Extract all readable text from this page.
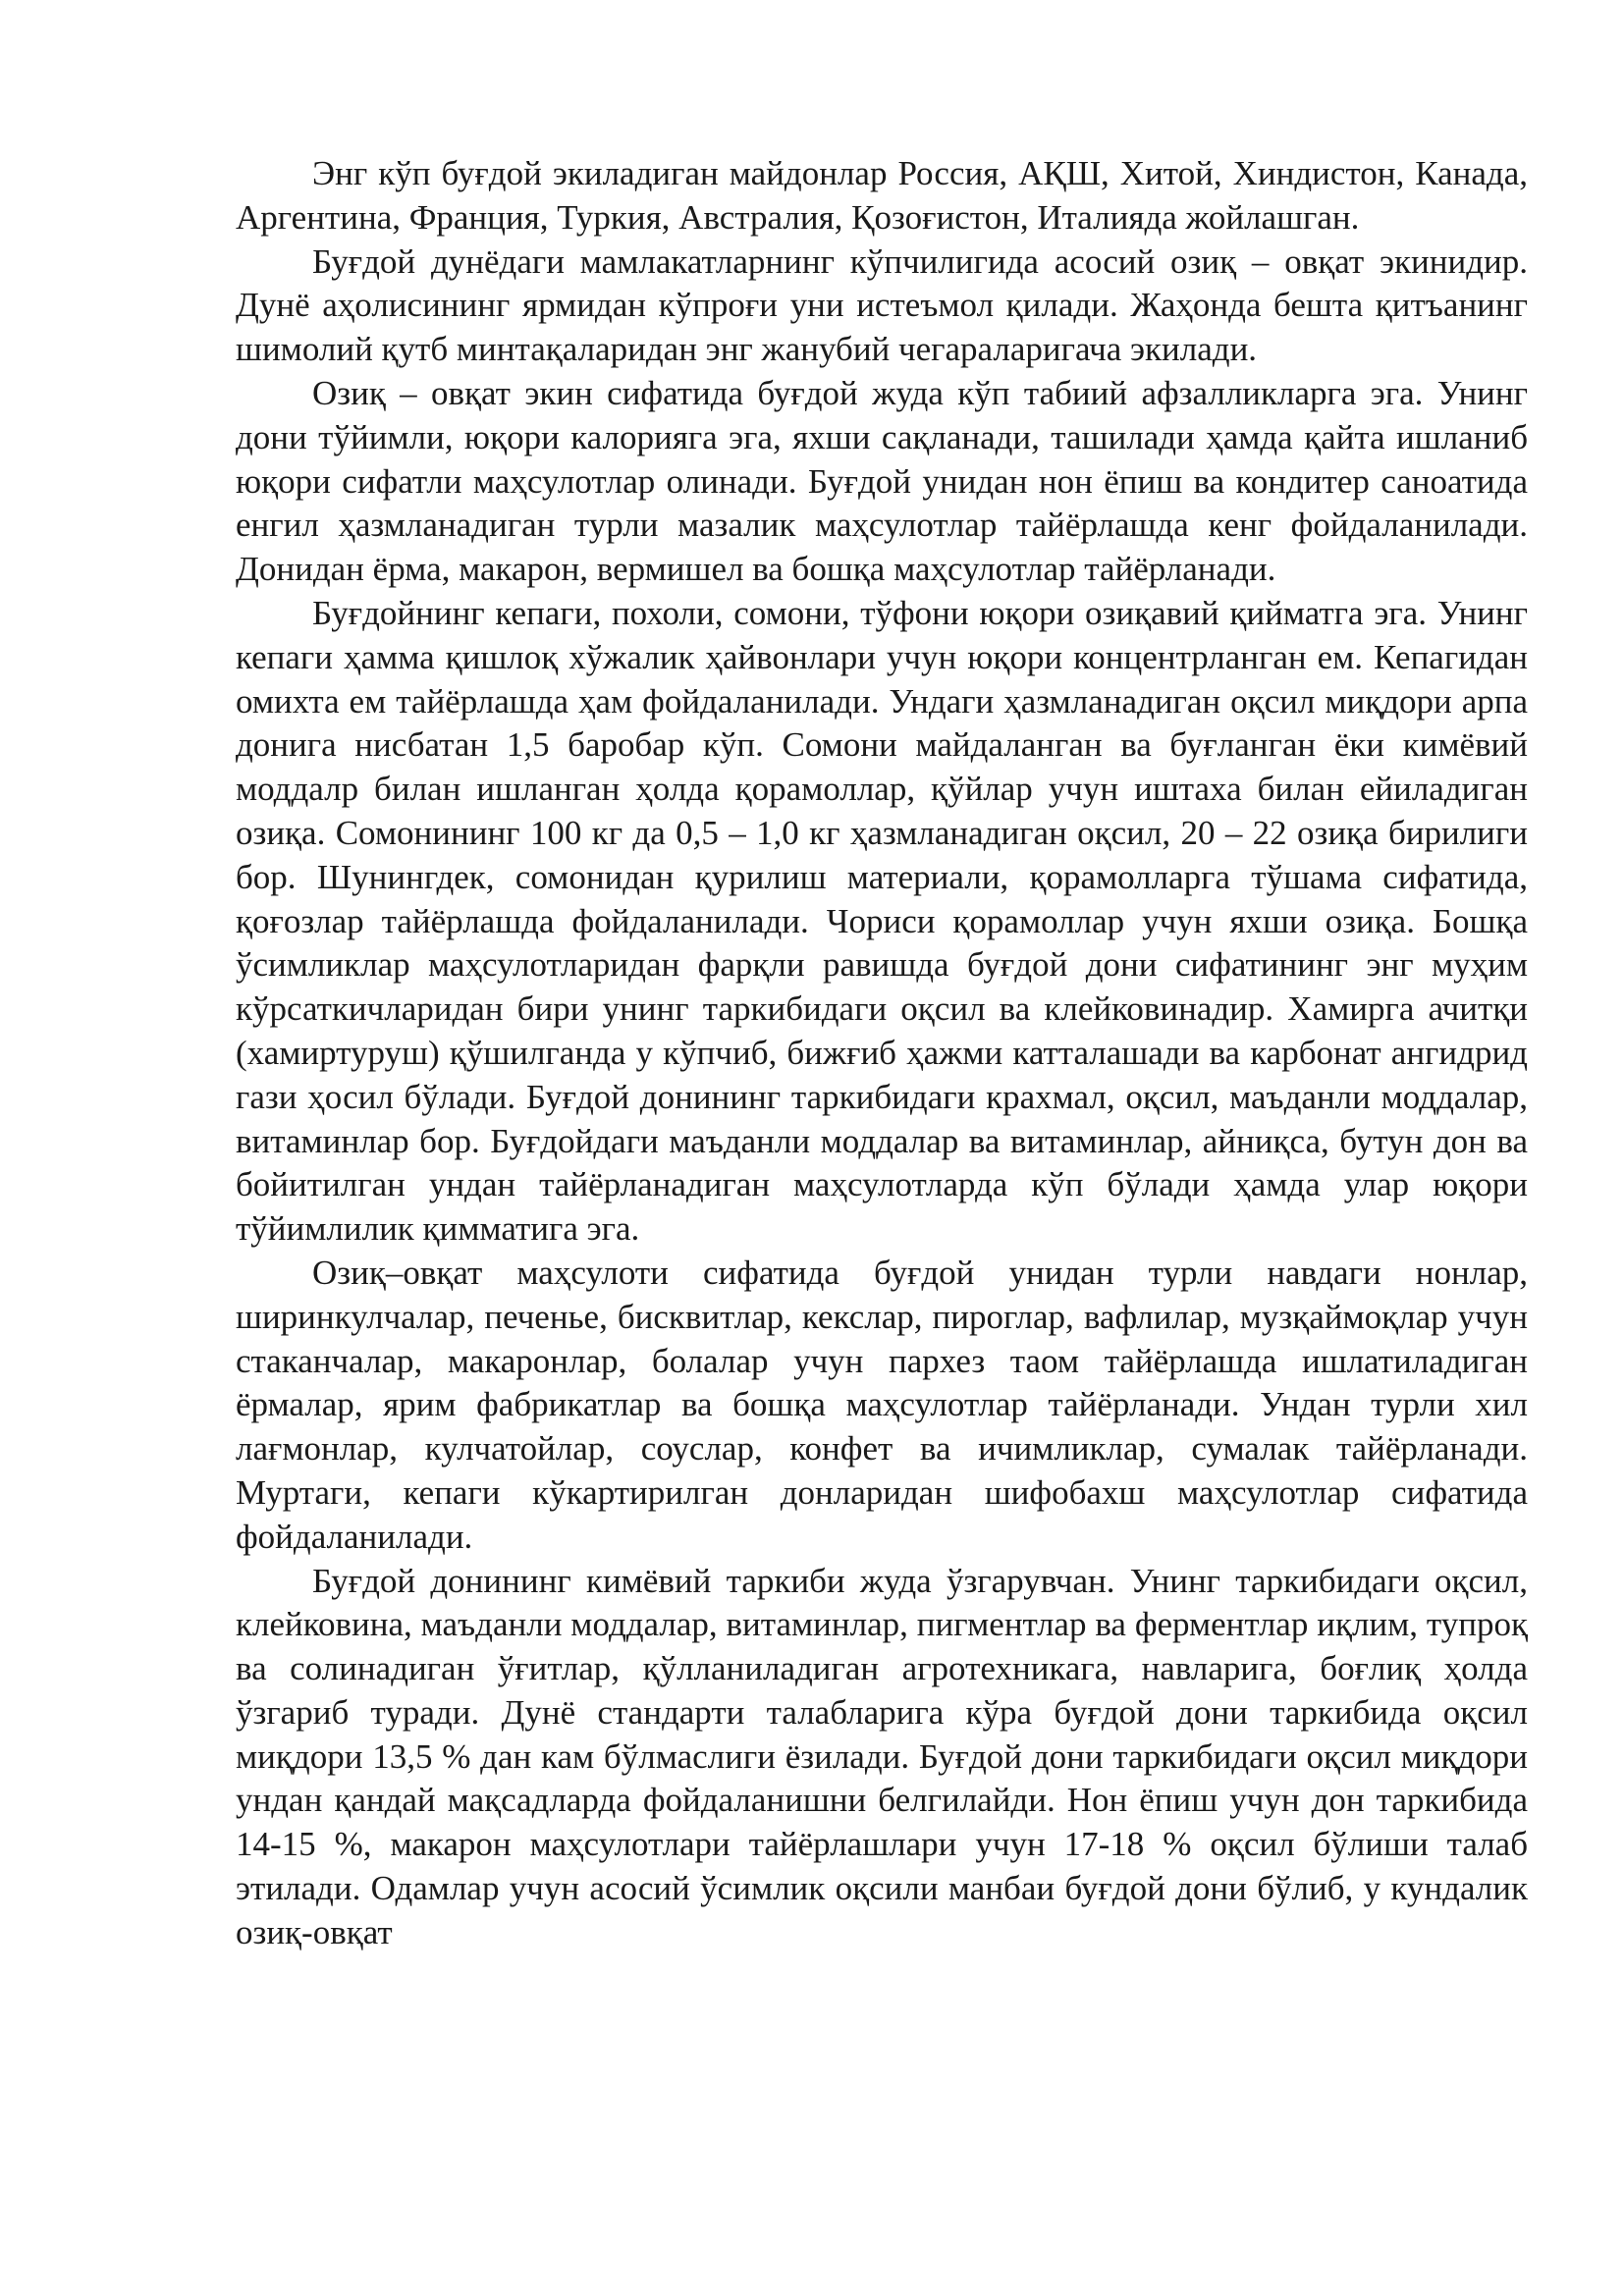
Энг кўп буғдой экиладиган майдонлар Россия, АҚШ, Хитой, Хиндистон, Канада, Аргентина, Франция, Туркия, Австралия, Қозоғистон, Италияда жойлашган.

Буғдой дунёдаги мамлакатларнинг кўпчилигида асосий озиқ – овқат экинидир. Дунё аҳолисининг ярмидан кўпроғи уни истеъмол қилади. Жаҳонда бешта қитъанинг шимолий қутб минтақаларидан энг жанубий чегараларигача экилади.

Озиқ – овқат экин сифатида буғдой жуда кўп табиий афзалликларга эга. Унинг дони тўйимли, юқори калорияга эга, яхши сақланади, ташилади ҳамда қайта ишланиб юқори сифатли маҳсулотлар олинади. Буғдой унидан нон ёпиш ва кондитер саноатида енгил ҳазмланадиган турли мазалик маҳсулотлар тайёрлашда кенг фойдаланилади. Донидан ёрма, макарон, вермишел ва бошқа маҳсулотлар тайёрланади.

Буғдойнинг кепаги, похоли, сомони, тўфони юқори озиқавий қийматга эга. Унинг кепаги ҳамма қишлоқ хўжалик ҳайвонлари учун юқори концентрланган ем. Кепагидан омихта ем тайёрлашда ҳам фойдаланилади. Ундаги ҳазмланадиган оқсил миқдори арпа донига нисбатан 1,5 баробар кўп. Сомони майдаланган ва буғланган ёки кимёвий моддалр билан ишланган ҳолда қорамоллар, қўйлар учун иштаха билан ейиладиган озиқа. Сомонининг 100 кг да 0,5 – 1,0 кг ҳазмланадиган оқсил, 20 – 22 озиқа бирилиги бор. Шунингдек, сомонидан қурилиш материали, қорамолларга тўшама сифатида, қоғозлар тайёрлашда фойдаланилади. Чориси қорамоллар учун яхши озиқа. Бошқа ўсимликлар маҳсулотларидан фарқли равишда буғдой дони сифатининг энг муҳим кўрсаткичларидан бири унинг таркибидаги оқсил ва клейковинадир. Хамирга ачитқи (хамиртуруш) қўшилганда у кўпчиб, бижғиб ҳажми катталашади ва карбонат ангидрид гази ҳосил бўлади. Буғдой донининг таркибидаги крахмал, оқсил, маъданли моддалар, витаминлар бор. Буғдойдаги маъданли моддалар ва витаминлар, айниқса, бутун дон ва бойитилган ундан тайёрланадиган маҳсулотларда кўп бўлади ҳамда улар юқори тўйимлилик қимматига эга.

Озиқ–овқат маҳсулоти сифатида буғдой унидан турли навдаги нонлар, ширинкулчалар, печенье, бисквитлар, кекслар, пироглар, вафлилар, музқаймоқлар учун стаканчалар, макаронлар, болалар учун пархез таом тайёрлашда ишлатиладиган ёрмалар, ярим фабрикатлар ва бошқа маҳсулотлар тайёрланади. Ундан турли хил лағмонлар, кулчатойлар, соуслар, конфет ва ичимликлар, сумалак тайёрланади. Муртаги, кепаги кўкартирилган донларидан шифобахш маҳсулотлар сифатида фойдаланилади.

Буғдой донининг кимёвий таркиби жуда ўзгарувчан. Унинг таркибидаги оқсил, клейковина, маъданли моддалар, витаминлар, пигментлар ва ферментлар иқлим, тупроқ ва солинадиган ўғитлар, қўлланиладиган агротехникага, навларига, боғлиқ ҳолда ўзгариб туради. Дунё стандарти талабларига кўра буғдой дони таркибида оқсил миқдори 13,5 % дан кам бўлмаслиги ёзилади. Буғдой дони таркибидаги оқсил миқдори ундан қандай мақсадларда фойдаланишни белгилайди. Нон ёпиш учун дон таркибида 14-15 %, макарон маҳсулотлари тайёрлашлари учун 17-18 % оқсил бўлиши талаб этилади. Одамлар учун асосий ўсимлик оқсили манбаи буғдой дони бўлиб, у кундалик озиқ-овқат
